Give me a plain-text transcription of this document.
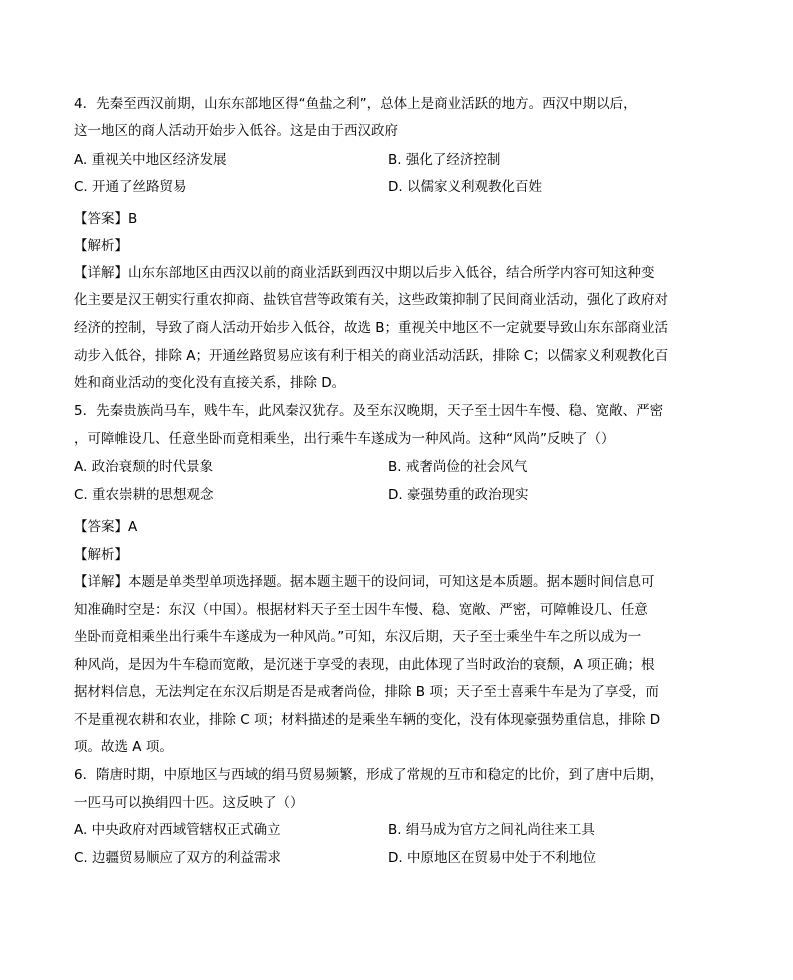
4．先秦至西汉前期，山东东部地区得“鱼盐之利”，总体上是商业活跃的地方。西汉中期以后，
这一地区的商人活动开始步入低谷。这是由于西汉政府
A. 重视关中地区经济发展	B. 强化了经济控制
C. 开通了丝路贸易	D. 以儒家义利观教化百姓
【答案】B
【解析】
【详解】山东东部地区由西汉以前的商业活跃到西汉中期以后步入低谷，结合所学内容可知这种变
化主要是汉王朝实行重农抑商、盐铁官营等政策有关，这些政策抑制了民间商业活动，强化了政府对
经济的控制，导致了商人活动开始步入低谷，故选 B；重视关中地区不一定就要导致山东东部商业活
动步入低谷，排除 A；开通丝路贸易应该有利于相关的商业活动活跃，排除 C；以儒家义利观教化百
姓和商业活动的变化没有直接关系，排除 D。
5．先秦贵族尚马车，贱牛车，此风秦汉犹存。及至东汉晚期，天子至士因牛车慢、稳、宽敞、严密
，可障帷设几、任意坐卧而竟相乘坐，出行乘牛车遂成为一种风尚。这种“风尚”反映了（）
A. 政治衰颓的时代景象	B. 戒奢尚俭的社会风气
C. 重农崇耕的思想观念	D. 豪强势重的政治现实
【答案】A
【解析】
【详解】本题是单类型单项选择题。据本题主题干的设问词，可知这是本质题。据本题时间信息可
知准确时空是：东汉（中国）。根据材料天子至士因牛车慢、稳、宽敞、严密，可障帷设几、任意
坐卧而竟相乘坐出行乘牛车遂成为一种风尚。”可知，东汉后期，天子至士乘坐牛车之所以成为一
种风尚，是因为牛车稳而宽敞，是沉迷于享受的表现，由此体现了当时政治的衰颓，A 项正确；根
据材料信息，无法判定在东汉后期是否是戒奢尚俭，排除 B 项；天子至士喜乘牛车是为了享受，而
不是重视农耕和农业，排除 C 项；材料描述的是乘坐车辆的变化，没有体现豪强势重信息，排除 D
项。故选 A 项。
6．隋唐时期，中原地区与西域的绢马贸易频繁，形成了常规的互市和稳定的比价，到了唐中后期，
一匹马可以换绢四十匹。这反映了（）
A. 中央政府对西域管辖权正式确立	B. 绢马成为官方之间礼尚往来工具
C. 边疆贸易顺应了双方的利益需求	D. 中原地区在贸易中处于不利地位
